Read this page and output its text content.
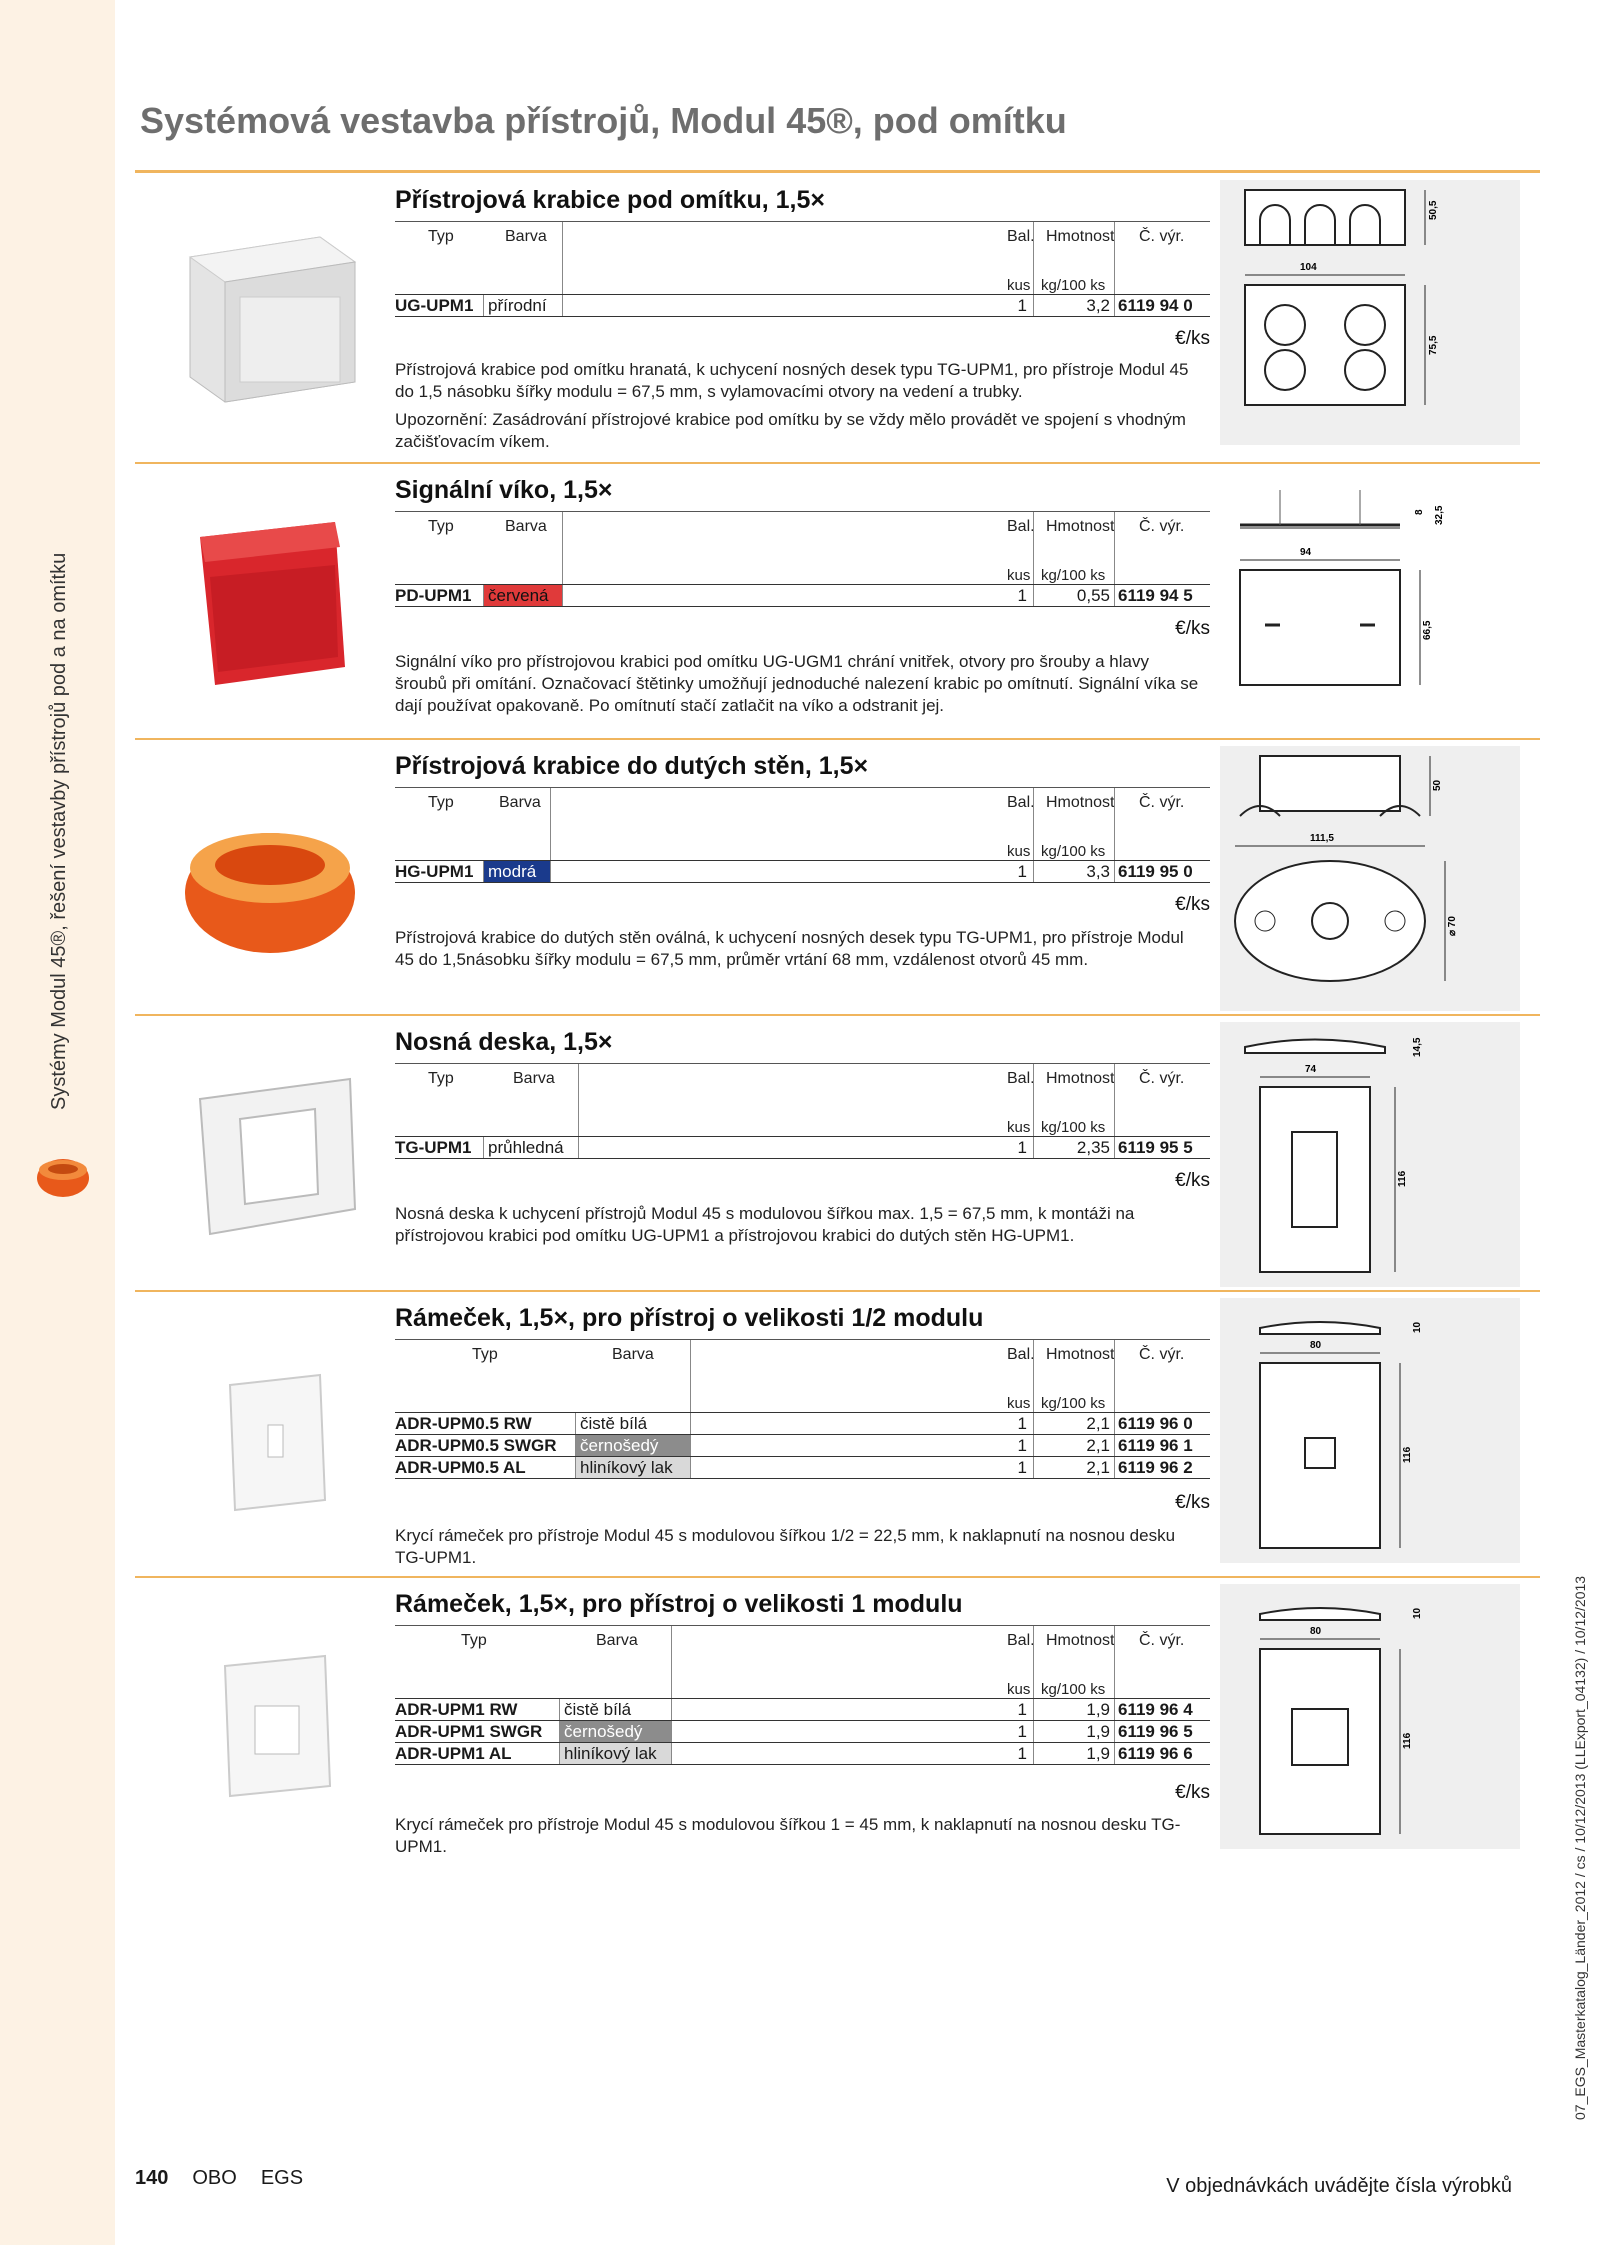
Systémy Modul 45®, řešení vestavby přístrojů pod a na omítku
Systémová vestavba přístrojů, Modul 45®, pod omítku
Přístrojová krabice pod omítku, 1,5×
Typ	Barva	Bal. Hmotnost Č. výr.
kus kg/100 ks
UG-UPM1 přírodní	1	3,2 6119 94 0
€/ks

Přístrojová krabice pod omítku hranatá, k uchycení nosných desek typu TG-UPM1, pro přístroje Modul 45 do 1,5 násobku šířky modulu = 67,5 mm, s vylamovacími otvory na vedení a trubky.

Upozornění: Zasádrování přístrojové krabice pod omítku by se vždy mělo provádět ve spojení s vhodným začišťovacím víkem.

50,5
104
75,5
Signální víko, 1,5×
Typ	Barva	Bal. Hmotnost Č. výr.
kus kg/100 ks
PD-UPM1 červená	1	0,55 6119 94 5
€/ks

Signální víko pro přístrojovou krabici pod omítku UG-UGM1 chrání vnitřek, otvory pro šrouby a hlavy šroubů při omítání. Označovací štětinky umožňují jednoduché nalezení krabic po omítnutí. Signální víka se dají používat opakovaně. Po omítnutí stačí zatlačit na víko a odstranit jej.

8 32,5
94
66,5
Přístrojová krabice do dutých stěn, 1,5×
Typ	Barva	Bal. Hmotnost Č. výr.
kus kg/100 ks
HG-UPM1 modrá	1	3,3 6119 95 0
€/ks

Přístrojová krabice do dutých stěn oválná, k uchycení nosných desek typu TG-UPM1, pro přístroje Modul 45 do 1,5násobku šířky modulu = 67,5 mm, průměr vrtání 68 mm, vzdálenost otvorů 45 mm.

50
111,5
⌀ 70
Nosná deska, 1,5×
Typ	Barva	Bal. Hmotnost Č. výr.
kus kg/100 ks
TG-UPM1 průhledná	1	2,35 6119 95 5
€/ks

Nosná deska k uchycení přístrojů Modul 45 s modulovou šířkou max. 1,5 = 67,5 mm, k montáži na přístrojovou krabici pod omítku UG-UPM1 a přístrojovou krabici do dutých stěn HG-UPM1.

14,5
74
116
Rámeček, 1,5×, pro přístroj o velikosti 1/2 modulu
Typ	Barva	Bal. Hmotnost Č. výr.
kus kg/100 ks
ADR-UPM0.5 RW	čistě bílá	1	2,1 6119 96 0
ADR-UPM0.5 SWGR černošedý	1	2,1 6119 96 1
ADR-UPM0.5 AL	hliníkový lak	1	2,1 6119 96 2
€/ks

Krycí rámeček pro přístroje Modul 45 s modulovou šířkou 1/2 = 22,5 mm, k naklapnutí na nosnou desku TG-UPM1.

10
80
116
Rámeček, 1,5×, pro přístroj o velikosti 1 modulu
Typ	Barva	Bal. Hmotnost Č. výr.
kus kg/100 ks
ADR-UPM1 RW	čistě bílá	1	1,9 6119 96 4
ADR-UPM1 SWGR černošedý	1	1,9 6119 96 5
ADR-UPM1 AL	hliníkový lak	1	1,9 6119 96 6
€/ks

Krycí rámeček pro přístroje Modul 45 s modulovou šířkou 1 = 45 mm, k naklapnutí na nosnou desku TG-UPM1.

10
80
116
140 OBO EGS	V objednávkách uvádějte čísla výrobků
07_EGS_Masterkatalog_Länder_2012 / cs / 10/12/2013 (LLExport_04132) / 10/12/2013
